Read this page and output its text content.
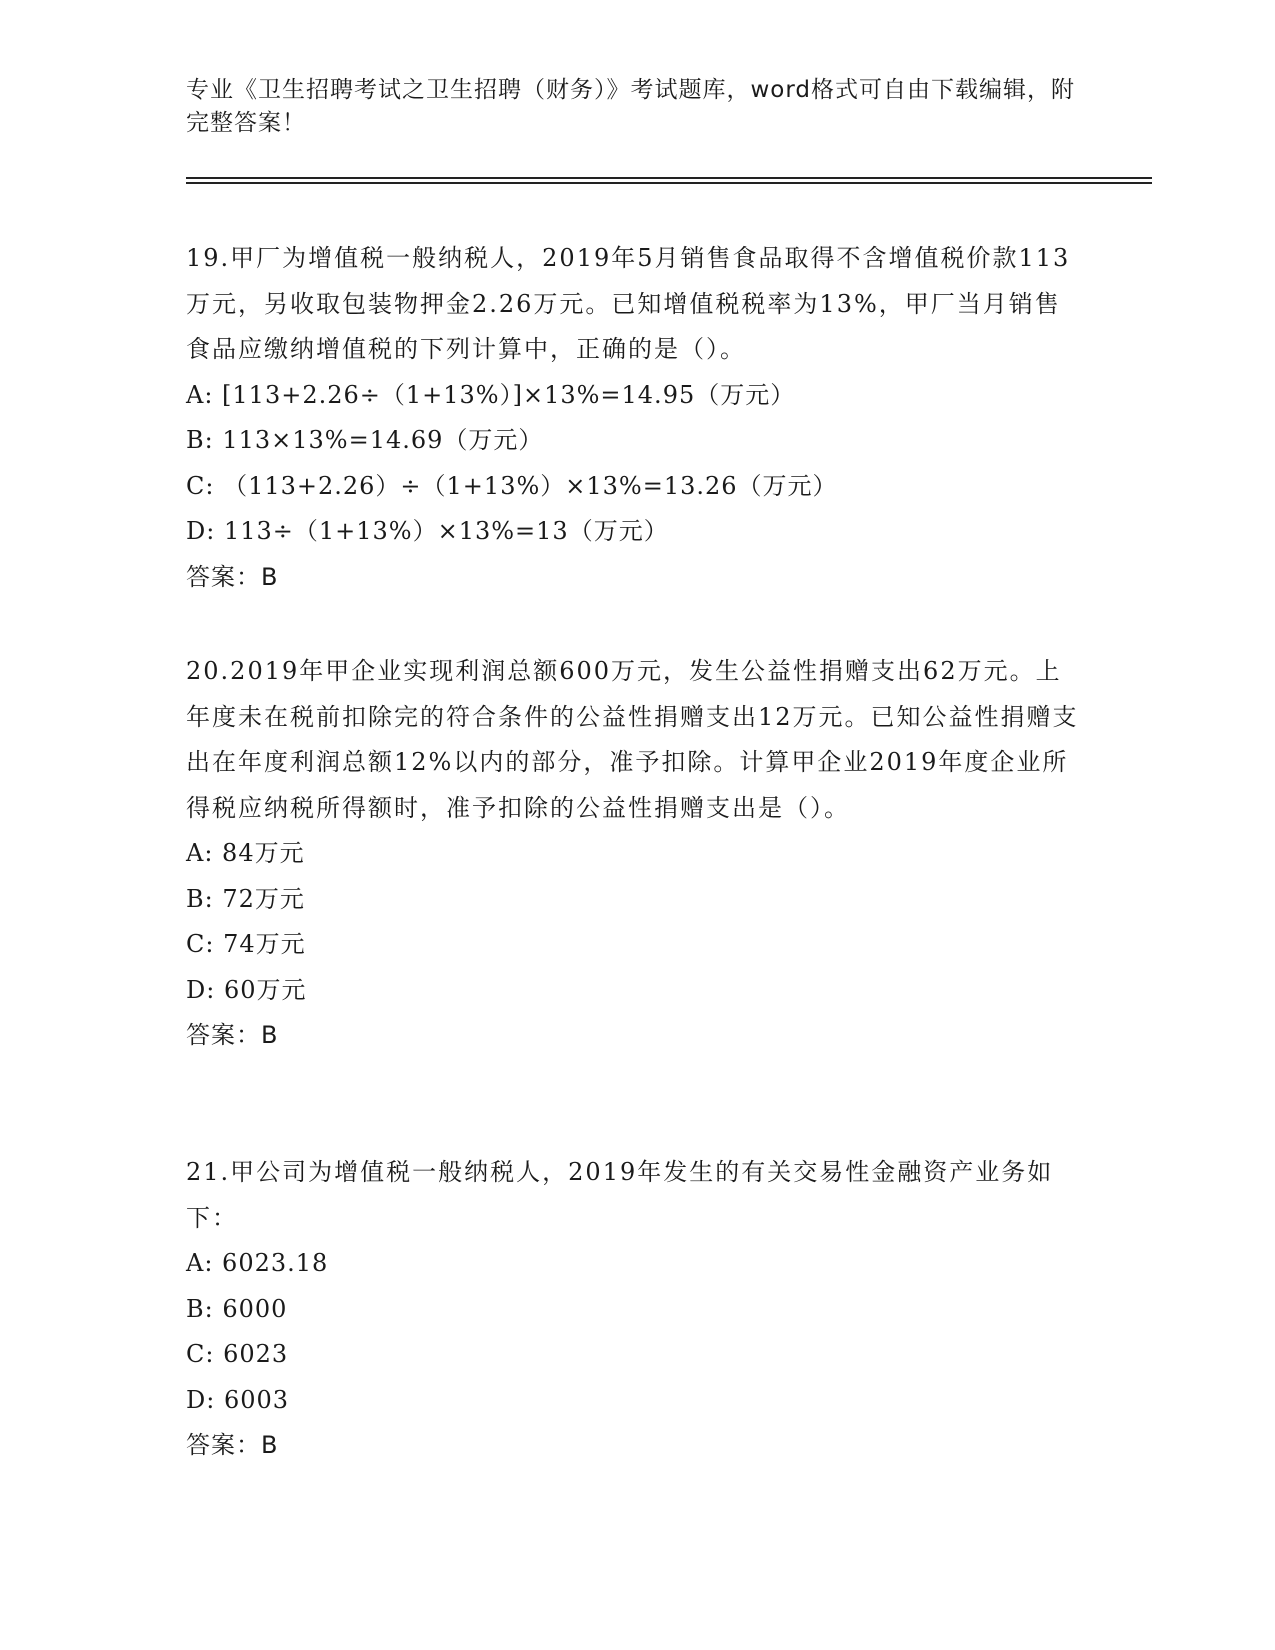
专业《卫生招聘考试之卫生招聘（财务）》考试题库，word格式可自由下载编辑，附完整答案！

19.甲厂为增值税一般纳税人，2019年5月销售食品取得不含增值税价款113万元，另收取包装物押金2.26万元。已知增值税税率为13%，甲厂当月销售食品应缴纳增值税的下列计算中，正确的是（）。

A: [113+2.26÷（1+13%）]×13%=14.95（万元）

B: 113×13%=14.69（万元）

C: （113+2.26）÷（1+13%）×13%=13.26（万元）

D: 113÷（1+13%）×13%=13（万元）

答案：B

20.2019年甲企业实现利润总额600万元，发生公益性捐赠支出62万元。上年度未在税前扣除完的符合条件的公益性捐赠支出12万元。已知公益性捐赠支出在年度利润总额12%以内的部分，准予扣除。计算甲企业2019年度企业所得税应纳税所得额时，准予扣除的公益性捐赠支出是（）。

A: 84万元

B: 72万元

C: 74万元

D: 60万元

答案：B

21.甲公司为增值税一般纳税人，2019年发生的有关交易性金融资产业务如下：

A: 6023.18

B: 6000

C: 6023

D: 6003

答案：B
